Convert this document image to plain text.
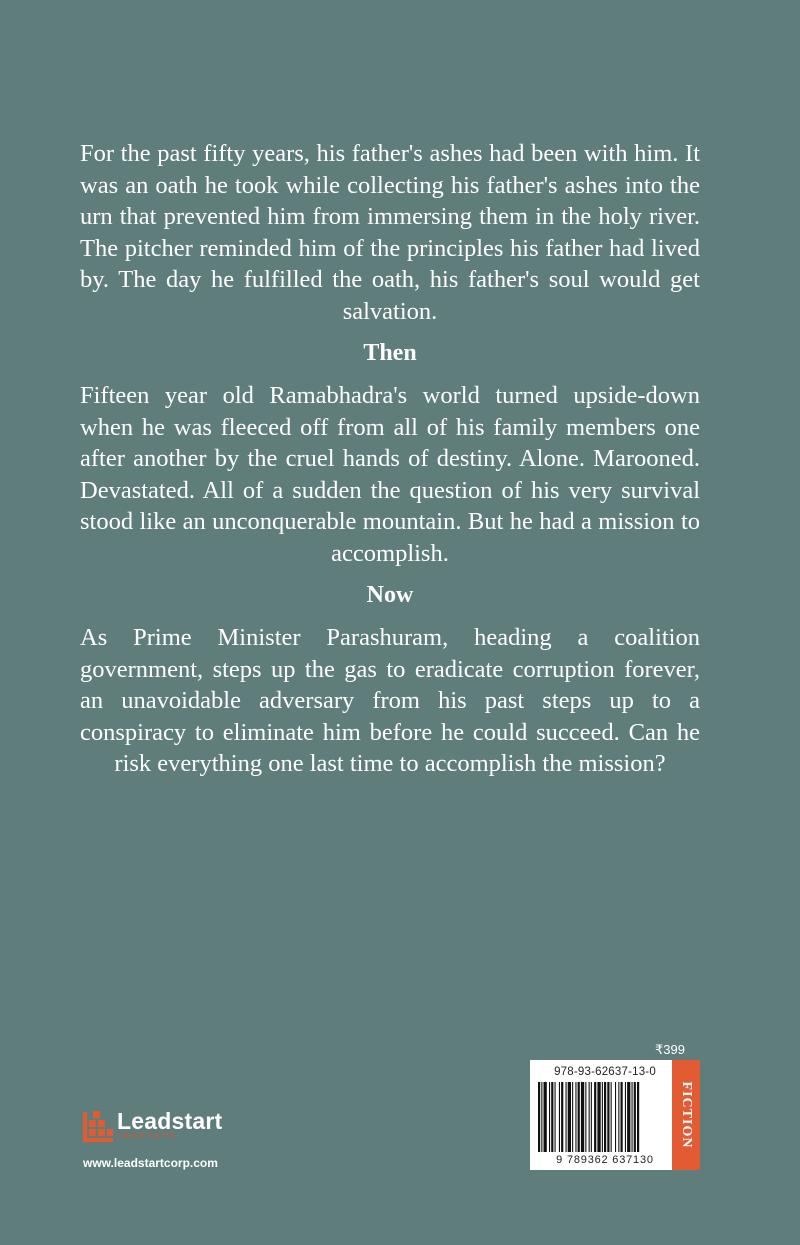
For the past fifty years, his father's ashes had been with him. It was an oath he took while collecting his father's ashes into the urn that prevented him from immersing them in the holy river. The pitcher reminded him of the principles his father had lived by. The day he fulfilled the oath, his father's soul would get salvation.

Then

Fifteen year old Ramabhadra's world turned upside-down when he was fleeced off from all of his family members one after another by the cruel hands of destiny. Alone. Marooned. Devastated. All of a sudden the question of his very survival stood like an unconquerable mountain. But he had a mission to accomplish.

Now

As Prime Minister Parashuram, heading a coalition government, steps up the gas to eradicate corruption forever, an unavoidable adversary from his past steps up to a conspiracy to eliminate him before he could succeed. Can he risk everything one last time to accomplish the mission?

Leadstart
INKSTATE
www.leadstartcorp.com
₹399
978-93-62637-13-0
9 789362 637130
FICTION
